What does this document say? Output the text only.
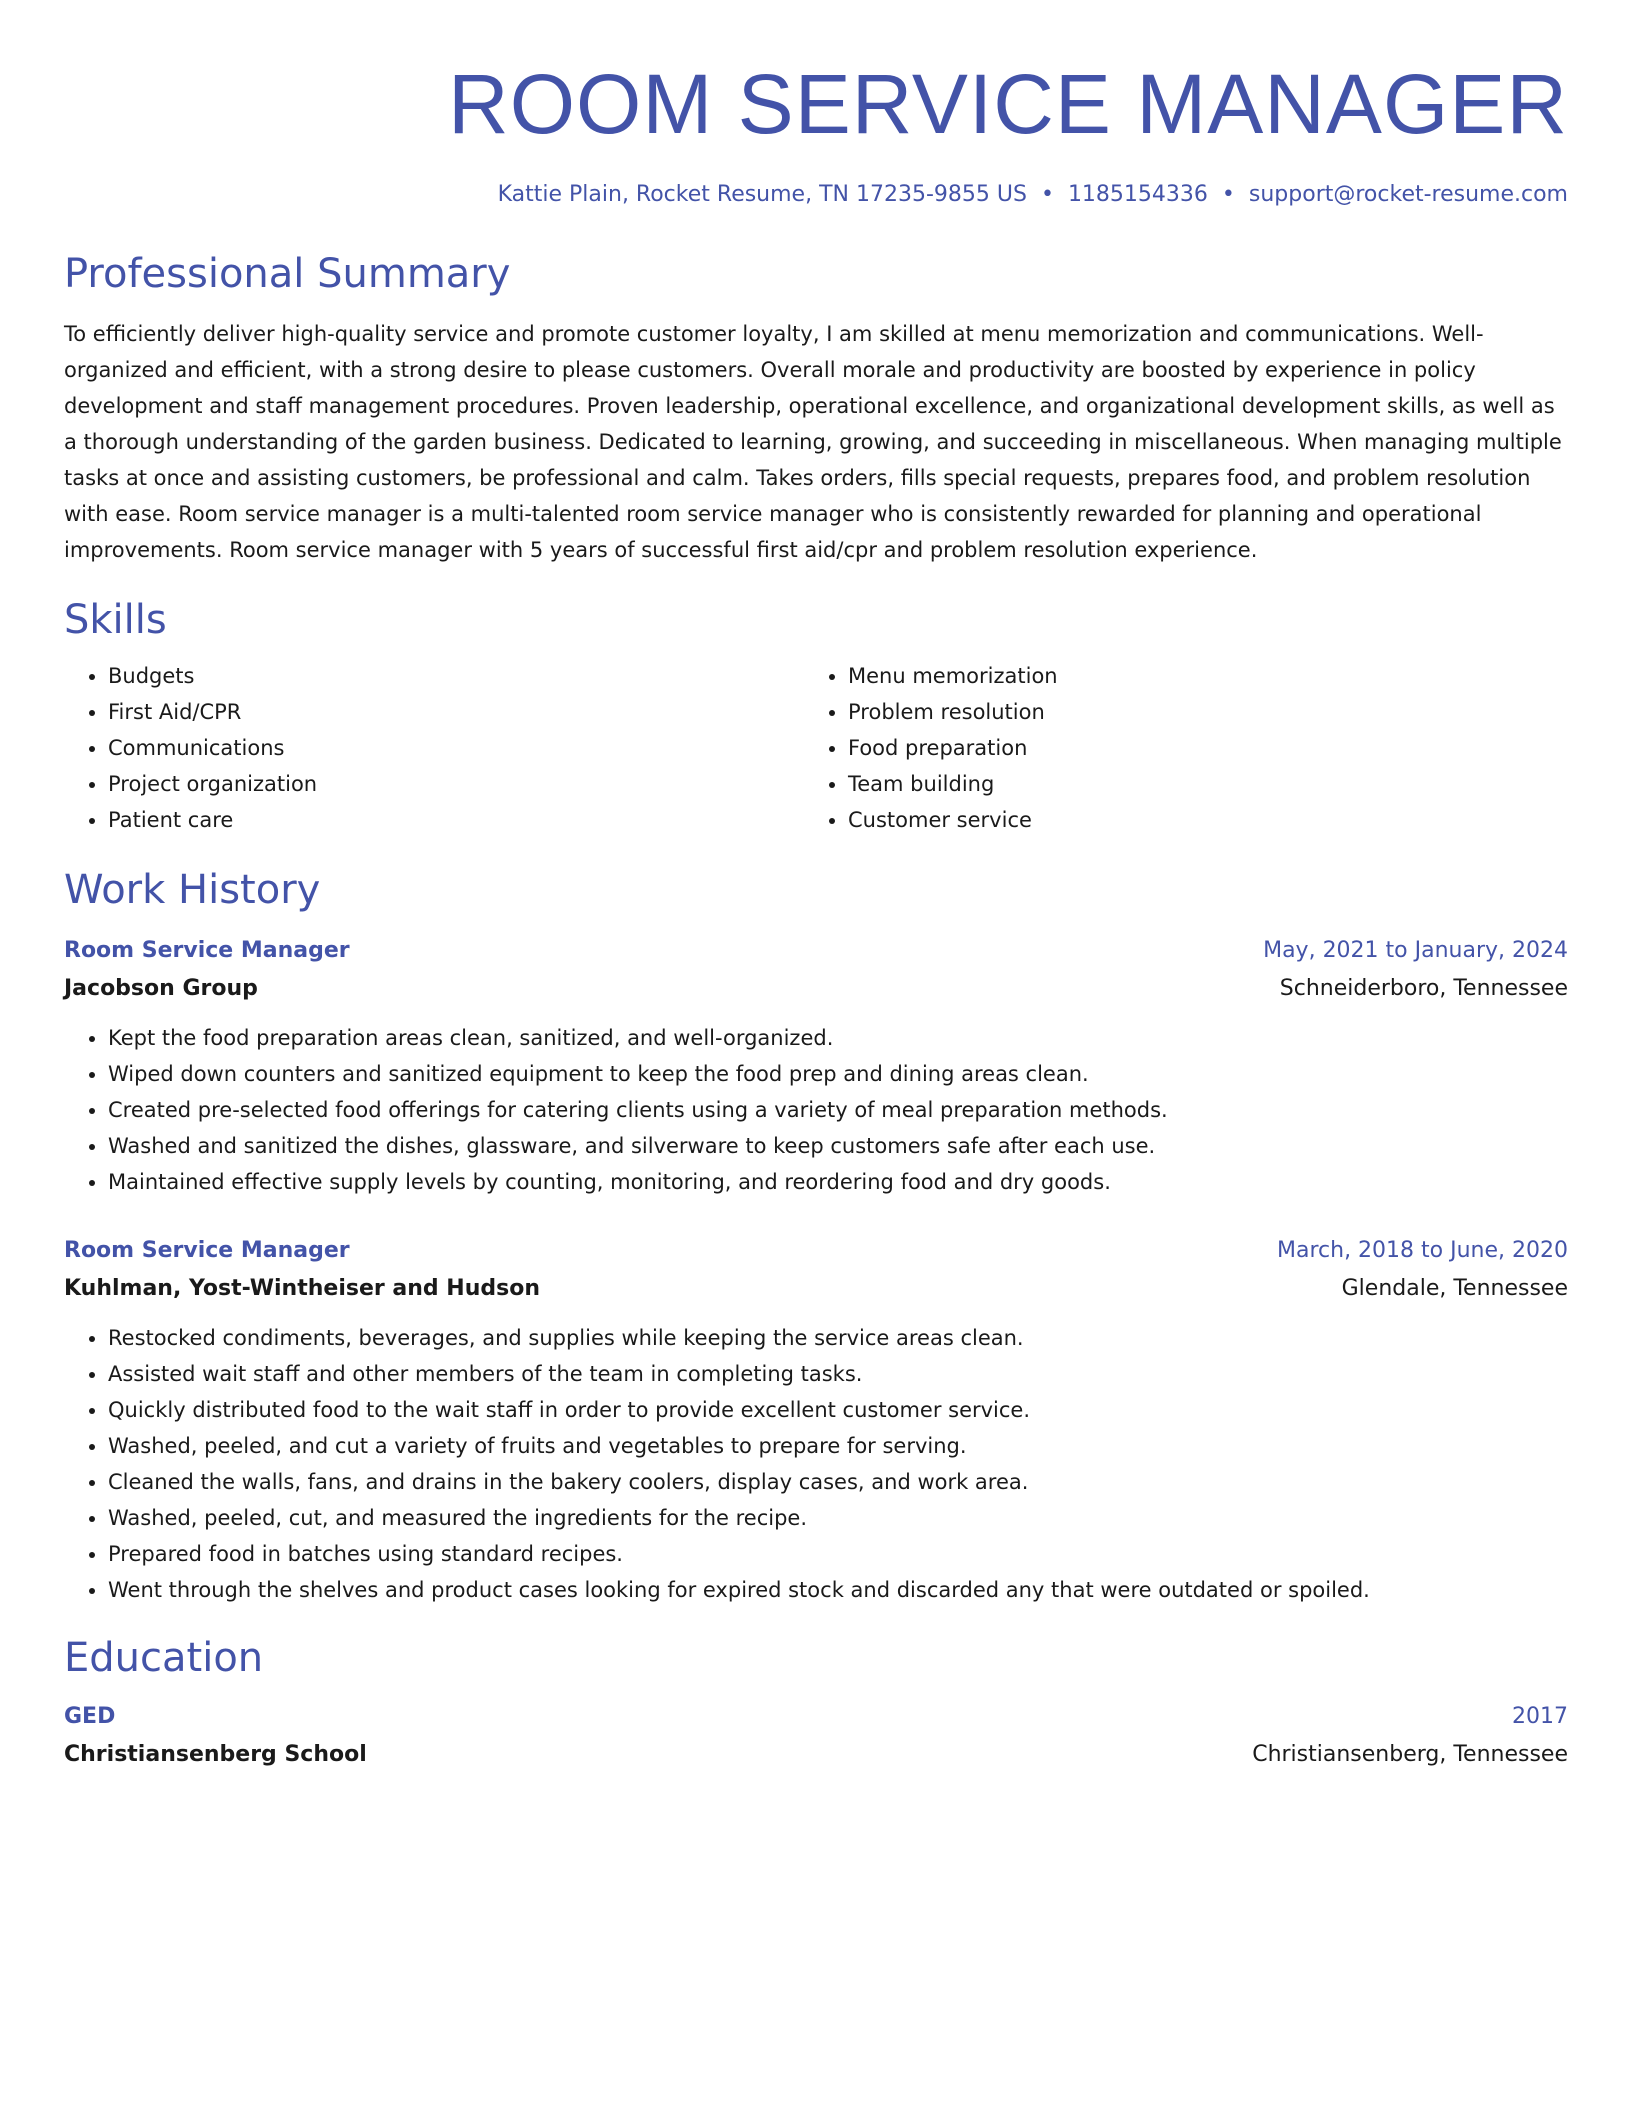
ROOM SERVICE MANAGER
Kattie Plain, Rocket Resume, TN 17235-9855 US • 1185154336 • support@rocket-resume.com
Professional Summary

To efficiently deliver high-quality service and promote customer loyalty, I am skilled at menu memorization and communications. Well-organized and efficient, with a strong desire to please customers. Overall morale and productivity are boosted by experience in policy development and staff management procedures. Proven leadership, operational excellence, and organizational development skills, as well as a thorough understanding of the garden business. Dedicated to learning, growing, and succeeding in miscellaneous. When managing multiple tasks at once and assisting customers, be professional and calm. Takes orders, fills special requests, prepares food, and problem resolution with ease. Room service manager is a multi-talented room service manager who is consistently rewarded for planning and operational improvements. Room service manager with 5 years of successful first aid/cpr and problem resolution experience.

Skills
• Budgets
• First Aid/CPR
• Communications
• Project organization
• Patient care
• Menu memorization
• Problem resolution
• Food preparation
• Team building
• Customer service
Work History
Room Service Manager	May, 2021 to January, 2024
Jacobson Group	Schneiderboro, Tennessee
• Kept the food preparation areas clean, sanitized, and well-organized.
• Wiped down counters and sanitized equipment to keep the food prep and dining areas clean.
• Created pre-selected food offerings for catering clients using a variety of meal preparation methods.
• Washed and sanitized the dishes, glassware, and silverware to keep customers safe after each use.
• Maintained effective supply levels by counting, monitoring, and reordering food and dry goods.
Room Service Manager	March, 2018 to June, 2020
Kuhlman, Yost-Wintheiser and Hudson	Glendale, Tennessee
• Restocked condiments, beverages, and supplies while keeping the service areas clean.
• Assisted wait staff and other members of the team in completing tasks.
• Quickly distributed food to the wait staff in order to provide excellent customer service.
• Washed, peeled, and cut a variety of fruits and vegetables to prepare for serving.
• Cleaned the walls, fans, and drains in the bakery coolers, display cases, and work area.
• Washed, peeled, cut, and measured the ingredients for the recipe.
• Prepared food in batches using standard recipes.
• Went through the shelves and product cases looking for expired stock and discarded any that were outdated or spoiled.
Education
GED	2017
Christiansenberg School	Christiansenberg, Tennessee
